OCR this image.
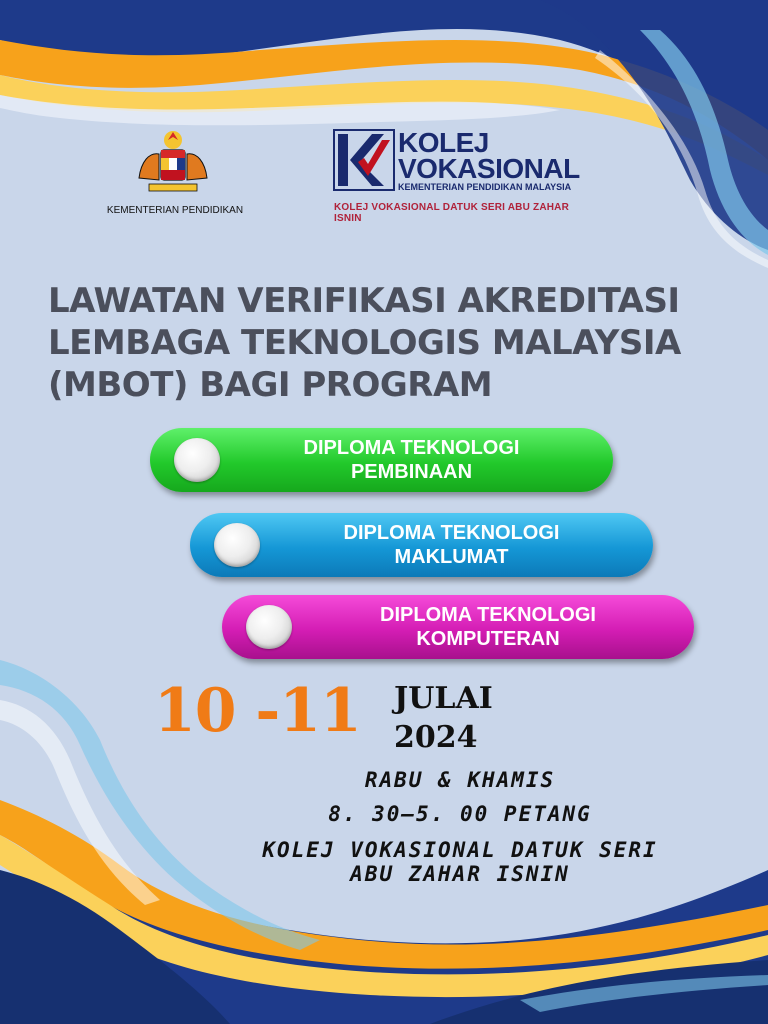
KEMENTERIAN PENDIDIKAN
KOLEJ
VOKASIONAL
KEMENTERIAN PENDIDIKAN MALAYSIA
KOLEJ VOKASIONAL DATUK SERI ABU ZAHAR ISNIN
LAWATAN VERIFIKASI AKREDITASI
LEMBAGA TEKNOLOGIS MALAYSIA
(MBOT) BAGI PROGRAM
DIPLOMA TEKNOLOGI
PEMBINAAN
DIPLOMA TEKNOLOGI
MAKLUMAT
DIPLOMA TEKNOLOGI
KOMPUTERAN
10 -11 JULAI
2024
RABU & KHAMIS
8. 30—5. 00 PETANG
KOLEJ VOKASIONAL DATUK SERI
ABU ZAHAR ISNIN
